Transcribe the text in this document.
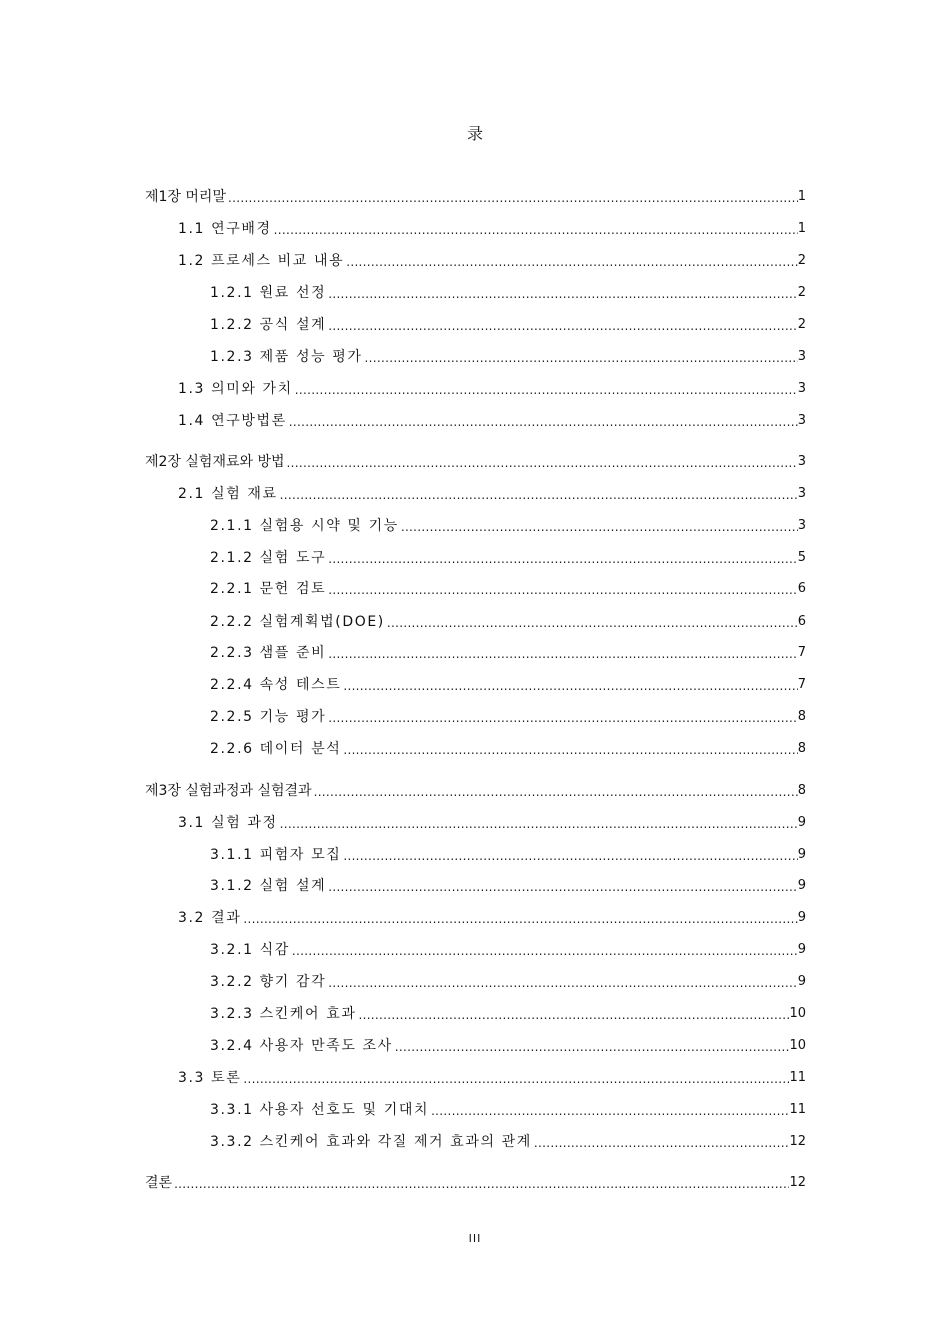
录
제1장 머리말 .....	1
1.1 연구배경 .....	1
1.2 프로세스 비교 내용 .....	2
1.2.1 원료 선정 .....	2
1.2.2 공식 설계 .....	2
1.2.3 제품 성능 평가 .....	3
1.3 의미와 가치 .....	3
1.4 연구방법론 .....	3
제2장 실험재료와 방법 .....	3
2.1 실험 재료 .....	3
2.1.1 실험용 시약 및 기능 .....	3
2.1.2 실험 도구 .....	5
2.2.1 문헌 검토 .....	6
2.2.2 실험계획법(DOE) .....	6
2.2.3 샘플 준비 .....	7
2.2.4 속성 테스트 .....	7
2.2.5 기능 평가 .....	8
2.2.6 데이터 분석 .....	8
제3장 실험과정과 실험결과 .....	8
3.1 실험 과정 .....	9
3.1.1 피험자 모집 .....	9
3.1.2 실험 설계 .....	9
3.2 결과 .....	9
3.2.1 식감 .....	9
3.2.2 향기 감각 .....	9
3.2.3 스킨케어 효과 .....	10
3.2.4 사용자 만족도 조사 .....	10
3.3 토론 .....	11
3.3.1 사용자 선호도 및 기대치 .....	11
3.3.2 스킨케어 효과와 각질 제거 효과의 관계 .....	12
결론 .....	12
III
